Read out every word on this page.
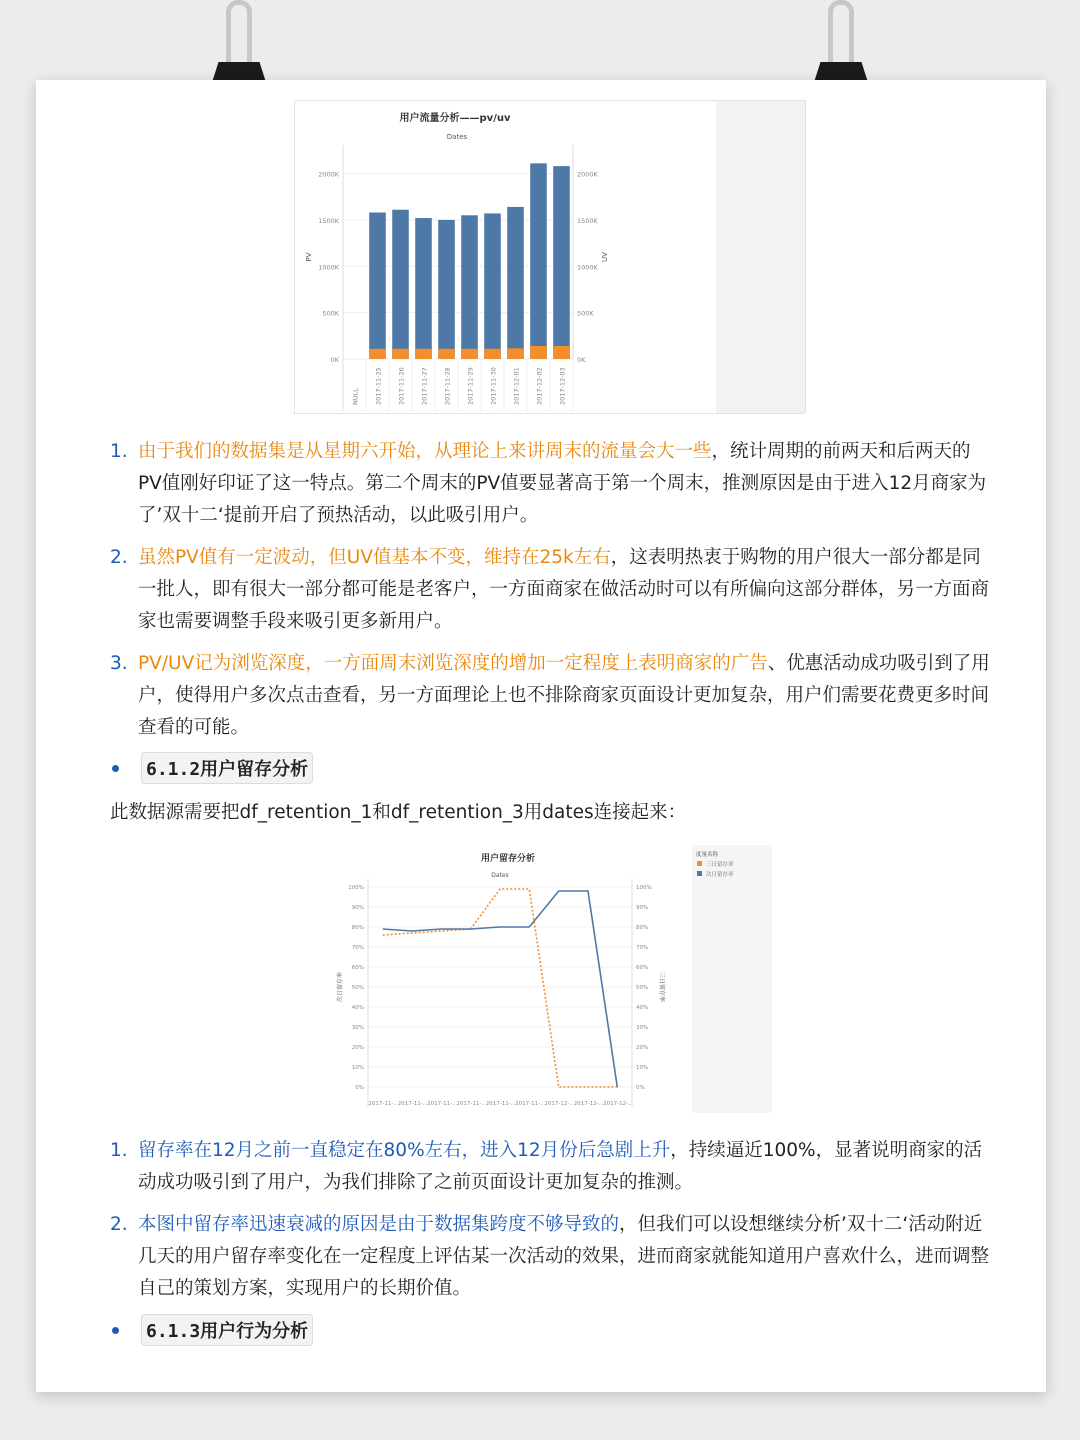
用户流量分析——pv/uv
Dates
0K	0K
500K	500K
1000K	1000K
1500K	1500K
2000K	2000K
PV	UV
NULL 2017-11-25 2017-11-26 2017-11-27 2017-11-28 2017-11-29 2017-11-30 2017-12-01 2017-12-02 2017-12-03
1. 由于我们的数据集是从星期六开始，从理论上来讲周末的流量会大一些，统计周期的前两天和后两天的PV值刚好印证了这一特点。第二个周末的PV值要显著高于第一个周末，推测原因是由于进入12月商家为了’双十二‘提前开启了预热活动，以此吸引用户。
2. 虽然PV值有一定波动，但UV值基本不变，维持在25k左右，这表明热衷于购物的用户很大一部分都是同一批人，即有很大一部分都可能是老客户，一方面商家在做活动时可以有所偏向这部分群体，另一方面商家也需要调整手段来吸引更多新用户。
3. PV/UV记为浏览深度，一方面周末浏览深度的增加一定程度上表明商家的广告、优惠活动成功吸引到了用户，使得用户多次点击查看，另一方面理论上也不排除商家页面设计更加复杂，用户们需要花费更多时间查看的可能。
6.1.2用户留存分析
此数据源需要把df_retention_1和df_retention_3用dates连接起来：
用户留存分析
Dates
0%	0%
10%	10%
20%	20%
30%	30%
40%	40%
50%	50%
60%	60%
70%	70%
80%	80%
90%	90%
100%	100%
次日留存率	三日留存率
2017-11-.. 2017-11-.. 2017-11-.. 2017-11-.. 2017-11-.. 2017-11-.. 2017-12-.. 2017-12-.. 2017-12-..
度量名称
三日留存率
次日留存率
1. 留存率在12月之前一直稳定在80%左右，进入12月份后急剧上升，持续逼近100%，显著说明商家的活动成功吸引到了用户，为我们排除了之前页面设计更加复杂的推测。
2. 本图中留存率迅速衰减的原因是由于数据集跨度不够导致的，但我们可以设想继续分析’双十二‘活动附近几天的用户留存率变化在一定程度上评估某一次活动的效果，进而商家就能知道用户喜欢什么，进而调整自己的策划方案，实现用户的长期价值。
6.1.3用户行为分析
